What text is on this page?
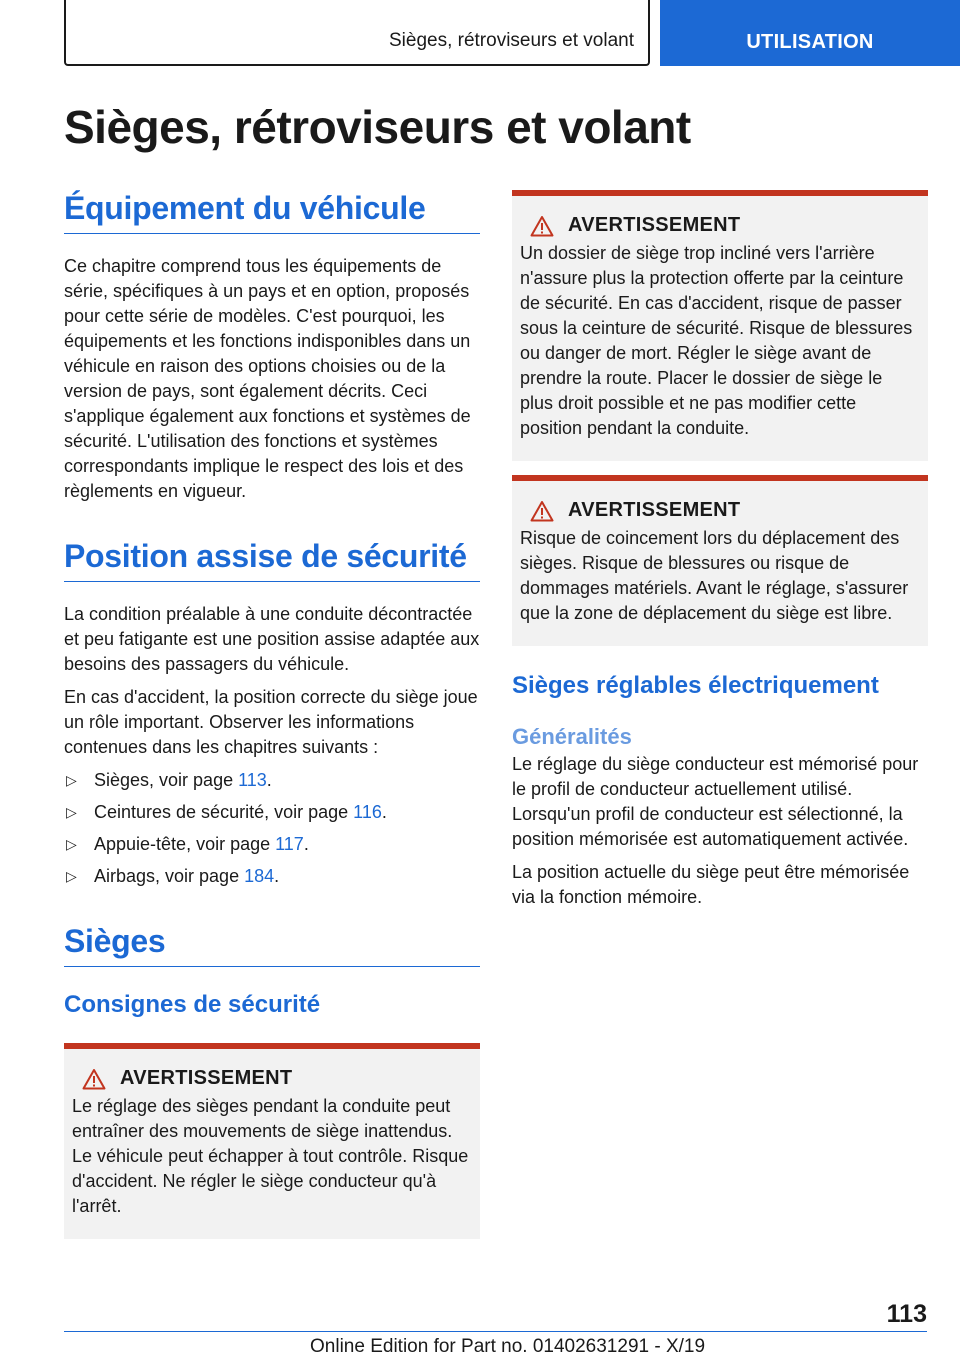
Sièges, rétroviseurs et volant	UTILISATION
Sièges, rétroviseurs et volant
Équipement du véhicule

Ce chapitre comprend tous les équipements de série, spécifiques à un pays et en option, proposés pour cette série de modèles. C'est pourquoi, les équipements et les fonctions indisponibles dans un véhicule en raison des options choisies ou de la version de pays, sont également décrits. Ceci s'applique également aux fonctions et systèmes de sécurité. L'utilisation des fonctions et systèmes correspondants implique le respect des lois et des règlements en vigueur.

Position assise de sécurité

La condition préalable à une conduite décontractée et peu fatigante est une position assise adaptée aux besoins des passagers du véhicule.

En cas d'accident, la position correcte du siège joue un rôle important. Observer les informations contenues dans les chapitres suivants :

▷ Sièges, voir page 113.
▷ Ceintures de sécurité, voir page 116.
▷ Appuie-tête, voir page 117.
▷ Airbags, voir page 184.
Sièges
Consignes de sécurité
AVERTISSEMENT

Le réglage des sièges pendant la conduite peut entraîner des mouvements de siège inattendus. Le véhicule peut échapper à tout contrôle. Risque d'accident. Ne régler le siège conducteur qu'à l'arrêt.

AVERTISSEMENT

Un dossier de siège trop incliné vers l'arrière n'assure plus la protection offerte par la ceinture de sécurité. En cas d'accident, risque de passer sous la ceinture de sécurité. Risque de blessures ou danger de mort. Régler le siège avant de prendre la route. Placer le dossier de siège le plus droit possible et ne pas modifier cette position pendant la conduite.

AVERTISSEMENT

Risque de coincement lors du déplacement des sièges. Risque de blessures ou risque de dommages matériels. Avant le réglage, s'assurer que la zone de déplacement du siège est libre.

Sièges réglables électriquement
Généralités

Le réglage du siège conducteur est mémorisé pour le profil de conducteur actuellement utilisé. Lorsqu'un profil de conducteur est sélectionné, la position mémorisée est automatiquement activée.

La position actuelle du siège peut être mémorisée via la fonction mémoire.

113
Online Edition for Part no. 01402631291 - X/19
